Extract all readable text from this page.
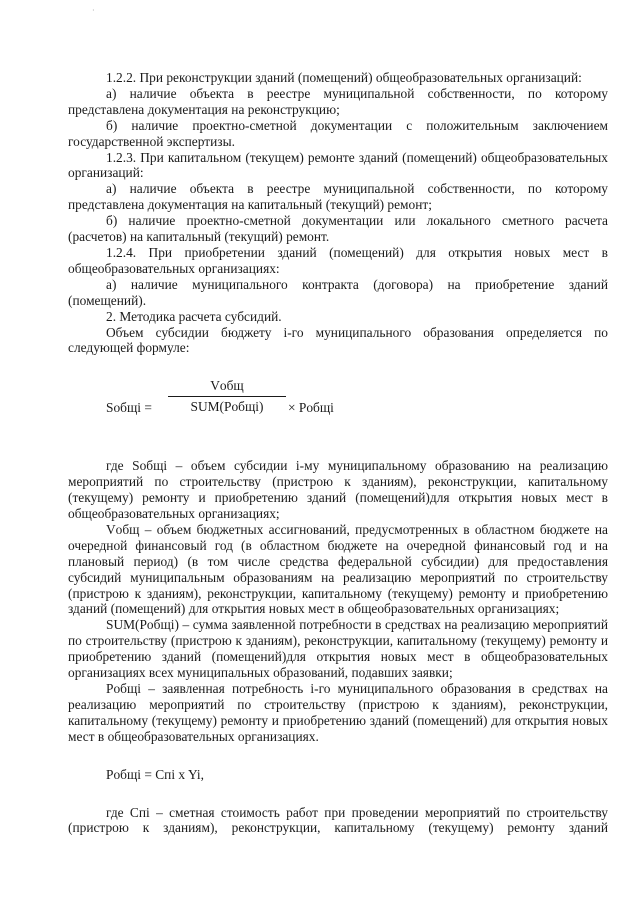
·

1.2.2. При реконструкции зданий (помещений) общеобразовательных организаций:

а) наличие объекта в реестре муниципальной собственности, по которому представлена документация на реконструкцию;

б) наличие проектно-сметной документации с положительным заключением государственной экспертизы.

1.2.3. При капитальном (текущем) ремонте зданий (помещений) общеобразовательных организаций:

а) наличие объекта в реестре муниципальной собственности, по которому представлена документация на капитальный (текущий) ремонт;

б) наличие проектно-сметной документации или локального сметного расчета (расчетов) на капитальный (текущий) ремонт.

1.2.4. При приобретении зданий (помещений) для открытия новых мест в общеобразовательных организациях:

а) наличие муниципального контракта (договора) на приобретение зданий (помещений).

2. Методика расчета субсидий.

Объем субсидии бюджету i-го муниципального образования определяется по следующей формуле:

Sобщi =
Vобщ
SUM(Pобщi)	× Pобщi

где Sобщi – объем субсидии i-му муниципальному образованию на реализацию мероприятий по строительству (пристрою к зданиям), реконструкции, капитальному (текущему) ремонту и приобретению зданий (помещений)для открытия новых мест в общеобразовательных организациях;

Vобщ – объем бюджетных ассигнований, предусмотренных в областном бюджете на очередной финансовый год (в областном бюджете на очередной финансовый год и на плановый период) (в том числе средства федеральной субсидии) для предоставления субсидий муниципальным образованиям на реализацию мероприятий по строительству (пристрою к зданиям), реконструкции, капитальному (текущему) ремонту и приобретению зданий (помещений) для открытия новых мест в общеобразовательных организациях;

SUM(Pобщi) – сумма заявленной потребности в средствах на реализацию мероприятий по строительству (пристрою к зданиям), реконструкции, капитальному (текущему) ремонту и приобретению зданий (помещений)для открытия новых мест в общеобразовательных организациях всех муниципальных образований, подавших заявки;

Pобщi – заявленная потребность i-го муниципального образования в средствах на реализацию мероприятий по строительству (пристрою к зданиям), реконструкции, капитальному (текущему) ремонту и приобретению зданий (помещений) для открытия новых мест в общеобразовательных организациях.

Pобщi = Cпi x Yi,

где Cпi – сметная стоимость работ при проведении мероприятий по строительству (пристрою к зданиям), реконструкции, капитальному (текущему) ремонту зданий
